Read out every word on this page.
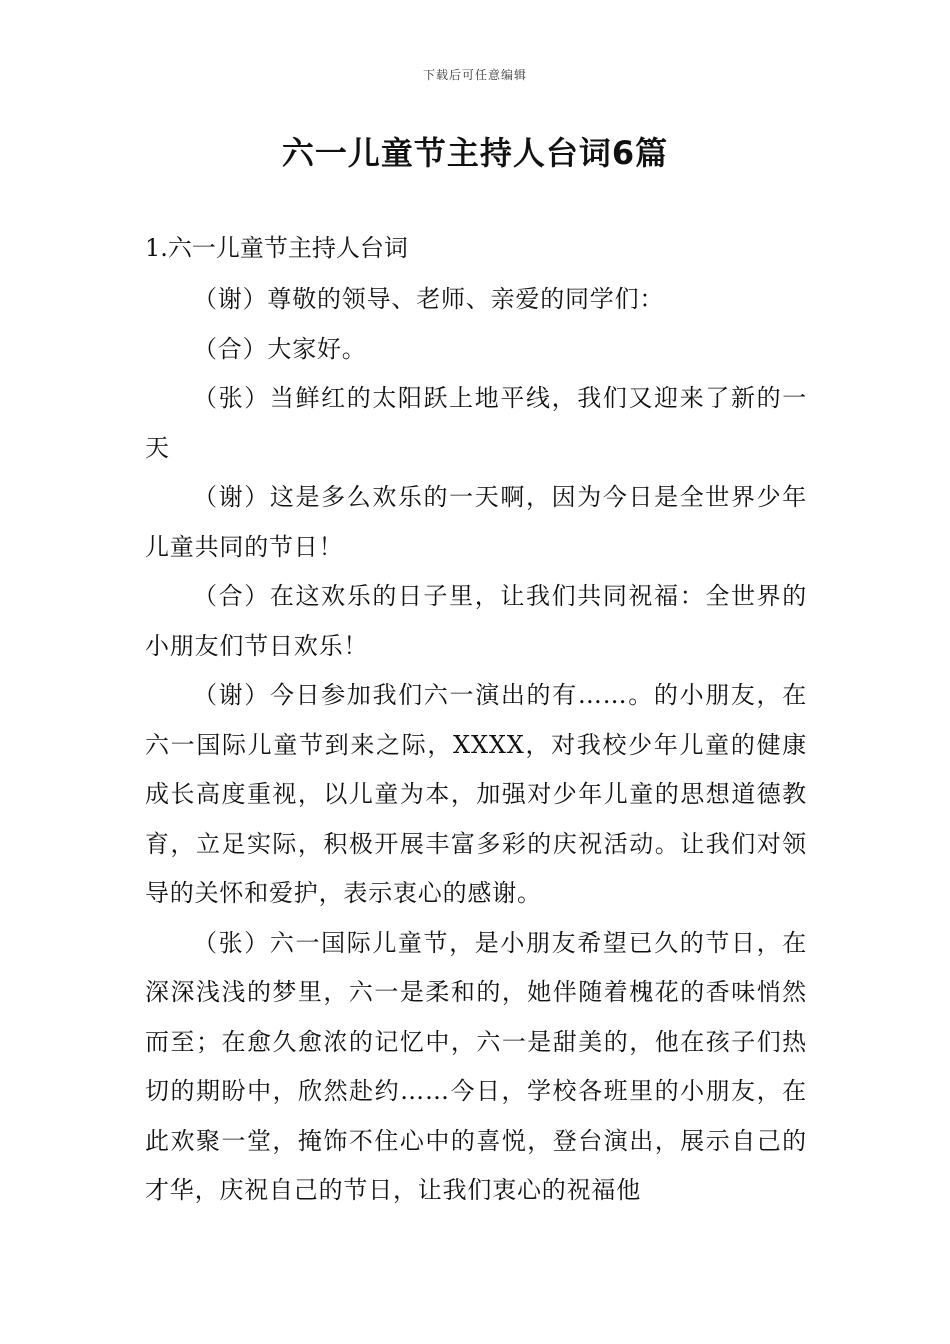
下载后可任意编辑
六一儿童节主持人台词6篇
1.六一儿童节主持人台词

（谢）尊敬的领导、老师、亲爱的同学们：

（合）大家好。

（张）当鲜红的太阳跃上地平线，我们又迎来了新的一天

（谢）这是多么欢乐的一天啊，因为今日是全世界少年儿童共同的节日！

（合）在这欢乐的日子里，让我们共同祝福：全世界的小朋友们节日欢乐！

（谢）今日参加我们六一演出的有……。的小朋友，在六一国际儿童节到来之际，XXXX，对我校少年儿童的健康成长高度重视，以儿童为本，加强对少年儿童的思想道德教育，立足实际，积极开展丰富多彩的庆祝活动。让我们对领导的关怀和爱护，表示衷心的感谢。

（张）六一国际儿童节，是小朋友希望已久的节日，在深深浅浅的梦里，六一是柔和的，她伴随着槐花的香味悄然而至；在愈久愈浓的记忆中，六一是甜美的，他在孩子们热切的期盼中，欣然赴约……今日，学校各班里的小朋友，在此欢聚一堂，掩饰不住心中的喜悦，登台演出，展示自己的才华，庆祝自己的节日，让我们衷心的祝福他
